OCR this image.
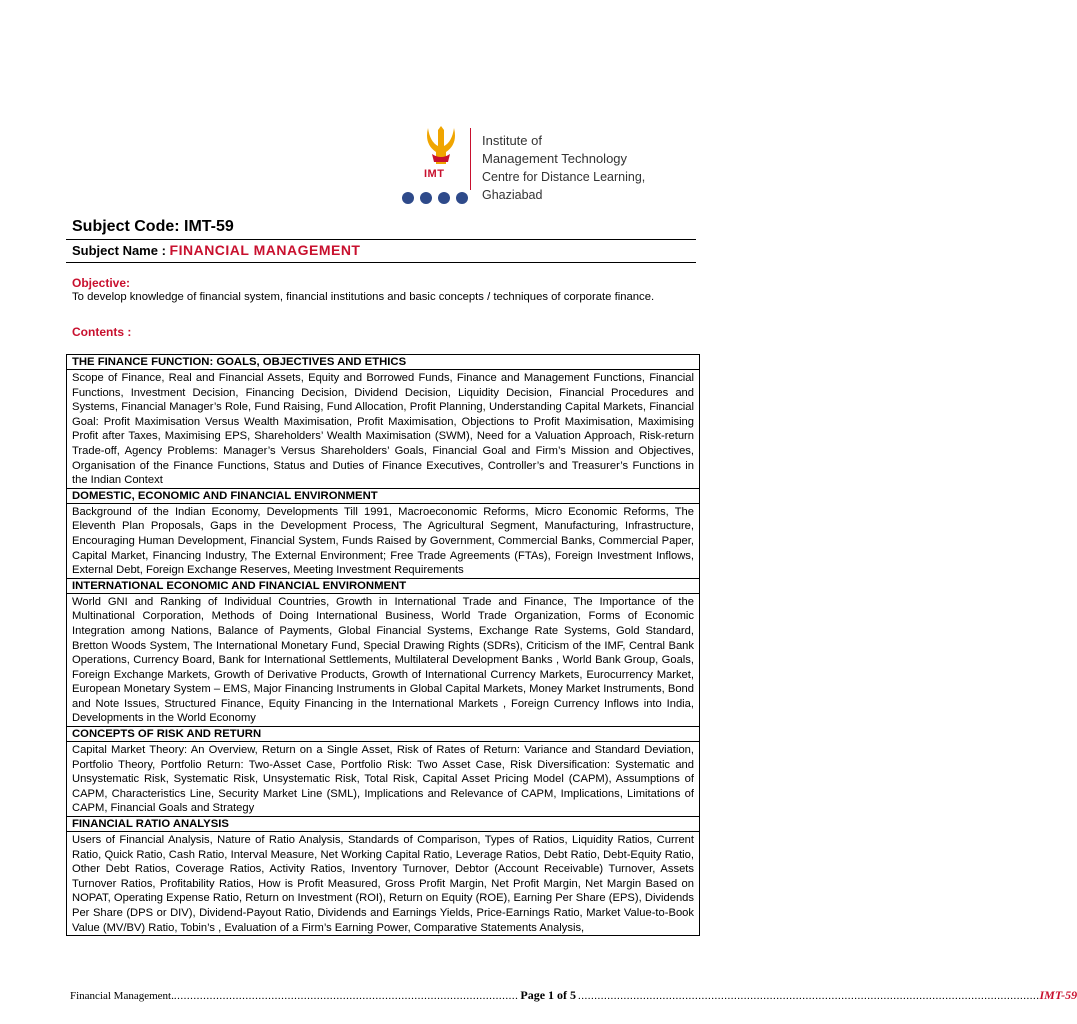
IMT
Institute of
Management Technology
Centre for Distance Learning, Ghaziabad
Subject Code: IMT-59
Subject Name : FINANCIAL MANAGEMENT
Objective:
To develop knowledge of financial system, financial institutions and basic concepts / techniques of corporate finance.
Contents :
THE FINANCE FUNCTION: GOALS, OBJECTIVES AND ETHICS
Scope of Finance, Real and Financial Assets, Equity and Borrowed Funds, Finance and Management Functions, Financial Functions, Investment Decision, Financing Decision, Dividend Decision, Liquidity Decision, Financial Procedures and Systems, Financial Manager’s Role, Fund Raising, Fund Allocation, Profit Planning, Understanding Capital Markets, Financial Goal: Profit Maximisation Versus Wealth Maximisation, Profit Maximisation, Objections to Profit Maximisation, Maximising Profit after Taxes, Maximising EPS, Shareholders’ Wealth Maximisation (SWM), Need for a Valuation Approach, Risk-return Trade-off, Agency Problems: Manager’s Versus Shareholders’ Goals, Financial Goal and Firm’s Mission and Objectives, Organisation of the Finance Functions, Status and Duties of Finance Executives, Controller’s and Treasurer’s Functions in the Indian Context
DOMESTIC, ECONOMIC AND FINANCIAL ENVIRONMENT
Background of the Indian Economy, Developments Till 1991, Macroeconomic Reforms, Micro Economic Reforms, The Eleventh Plan Proposals, Gaps in the Development Process, The Agricultural Segment, Manufacturing, Infrastructure, Encouraging Human Development, Financial System, Funds Raised by Government, Commercial Banks, Commercial Paper, Capital Market, Financing Industry, The External Environment; Free Trade Agreements (FTAs), Foreign Investment Inflows, External Debt, Foreign Exchange Reserves, Meeting Investment Requirements
INTERNATIONAL ECONOMIC AND FINANCIAL ENVIRONMENT
World GNI and Ranking of Individual Countries, Growth in International Trade and Finance, The Importance of the Multinational Corporation, Methods of Doing International Business, World Trade Organization, Forms of Economic Integration among Nations, Balance of Payments, Global Financial Systems, Exchange Rate Systems, Gold Standard, Bretton Woods System, The International Monetary Fund, Special Drawing Rights (SDRs), Criticism of the IMF, Central Bank Operations, Currency Board, Bank for International Settlements, Multilateral Development Banks , World Bank Group, Goals, Foreign Exchange Markets, Growth of Derivative Products, Growth of International Currency Markets, Eurocurrency Market, European Monetary System – EMS, Major Financing Instruments in Global Capital Markets, Money Market Instruments, Bond and Note Issues, Structured Finance, Equity Financing in the International Markets , Foreign Currency Inflows into India, Developments in the World Economy
CONCEPTS OF RISK AND RETURN
Capital Market Theory: An Overview, Return on a Single Asset, Risk of Rates of Return: Variance and Standard Deviation, Portfolio Theory, Portfolio Return: Two-Asset Case, Portfolio Risk: Two Asset Case, Risk Diversification: Systematic and Unsystematic Risk, Systematic Risk, Unsystematic Risk, Total Risk, Capital Asset Pricing Model (CAPM), Assumptions of CAPM, Characteristics Line, Security Market Line (SML), Implications and Relevance of CAPM, Implications, Limitations of CAPM, Financial Goals and Strategy
FINANCIAL RATIO ANALYSIS
Users of Financial Analysis, Nature of Ratio Analysis, Standards of Comparison, Types of Ratios, Liquidity Ratios, Current Ratio, Quick Ratio, Cash Ratio, Interval Measure, Net Working Capital Ratio, Leverage Ratios, Debt Ratio, Debt-Equity Ratio, Other Debt Ratios, Coverage Ratios, Activity Ratios, Inventory Turnover, Debtor (Account Receivable) Turnover, Assets Turnover Ratios, Profitability Ratios, How is Profit Measured, Gross Profit Margin, Net Profit Margin, Net Margin Based on NOPAT, Operating Expense Ratio, Return on Investment (ROI), Return on Equity (ROE), Earning Per Share (EPS), Dividends Per Share (DPS or DIV), Dividend-Payout Ratio, Dividends and Earnings Yields, Price-Earnings Ratio, Market Value-to-Book Value (MV/BV) Ratio, Tobin’s , Evaluation of a Firm’s Earning Power, Comparative Statements Analysis,
Financial Management. .......................................................................................................... Page 1 of 5 .............................................................................................................................................. IMT-59
